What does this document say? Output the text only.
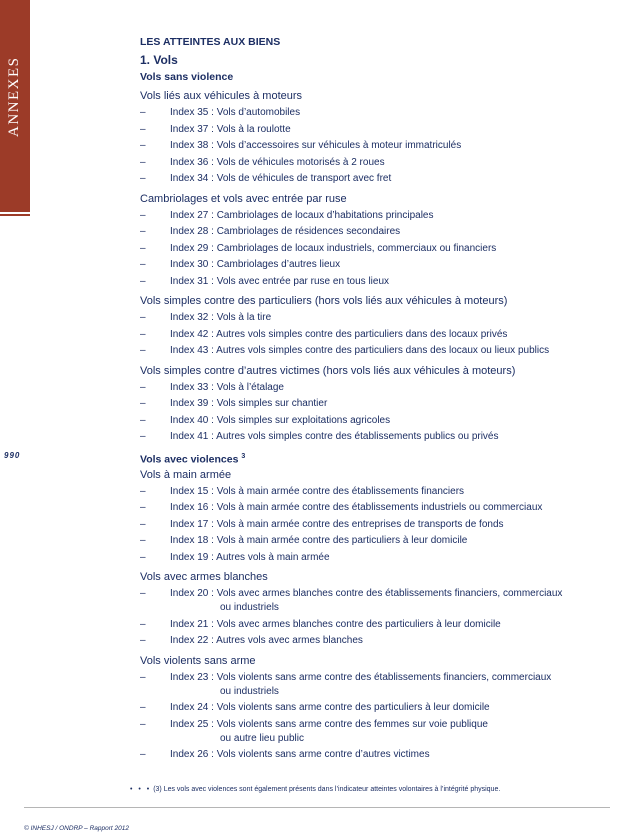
ANNEXES
990
LES ATTEINTES AUX BIENS
1. Vols
Vols sans violence
Vols liés aux véhicules à moteurs
– Index 35 : Vols d’automobiles
– Index 37 : Vols à la roulotte
– Index 38 : Vols d’accessoires sur véhicules à moteur immatriculés
– Index 36 : Vols de véhicules motorisés à 2 roues
– Index 34 : Vols de véhicules de transport avec fret
Cambriolages et vols avec entrée par ruse
– Index 27 : Cambriolages de locaux d’habitations principales
– Index 28 : Cambriolages de résidences secondaires
– Index 29 : Cambriolages de locaux industriels, commerciaux ou financiers
– Index 30 : Cambriolages d’autres lieux
– Index 31 : Vols avec entrée par ruse en tous lieux
Vols simples contre des particuliers (hors vols liés aux véhicules à moteurs)
– Index 32 : Vols à la tire
– Index 42 : Autres vols simples contre des particuliers dans des locaux privés
– Index 43 : Autres vols simples contre des particuliers dans des locaux ou lieux publics
Vols simples contre d’autres victimes (hors vols liés aux véhicules à moteurs)
– Index 33 : Vols à l’étalage
– Index 39 : Vols simples sur chantier
– Index 40 : Vols simples sur exploitations agricoles
– Index 41 : Autres vols simples contre des établissements publics ou privés
Vols avec violences $^3$
Vols à main armée
– Index 15 : Vols à main armée contre des établissements financiers
– Index 16 : Vols à main armée contre des établissements industriels ou commerciaux
– Index 17 : Vols à main armée contre des entreprises de transports de fonds
– Index 18 : Vols à main armée contre des particuliers à leur domicile
– Index 19 : Autres vols à main armée
Vols avec armes blanches
– Index 20 : Vols avec armes blanches contre des établissements financiers, commerciaux
ou industriels
– Index 21 : Vols avec armes blanches contre des particuliers à leur domicile
– Index 22 : Autres vols avec armes blanches
Vols violents sans arme
– Index 23 : Vols violents sans arme contre des établissements financiers, commerciaux
ou industriels
– Index 24 : Vols violents sans arme contre des particuliers à leur domicile
– Index 25 : Vols violents sans arme contre des femmes sur voie publique
ou autre lieu public
– Index 26 : Vols violents sans arme contre d’autres victimes
• • • (3) Les vols avec violences sont également présents dans l’indicateur atteintes volontaires à l’intégrité physique.
© INHESJ / ONDRP – Rapport 2012
